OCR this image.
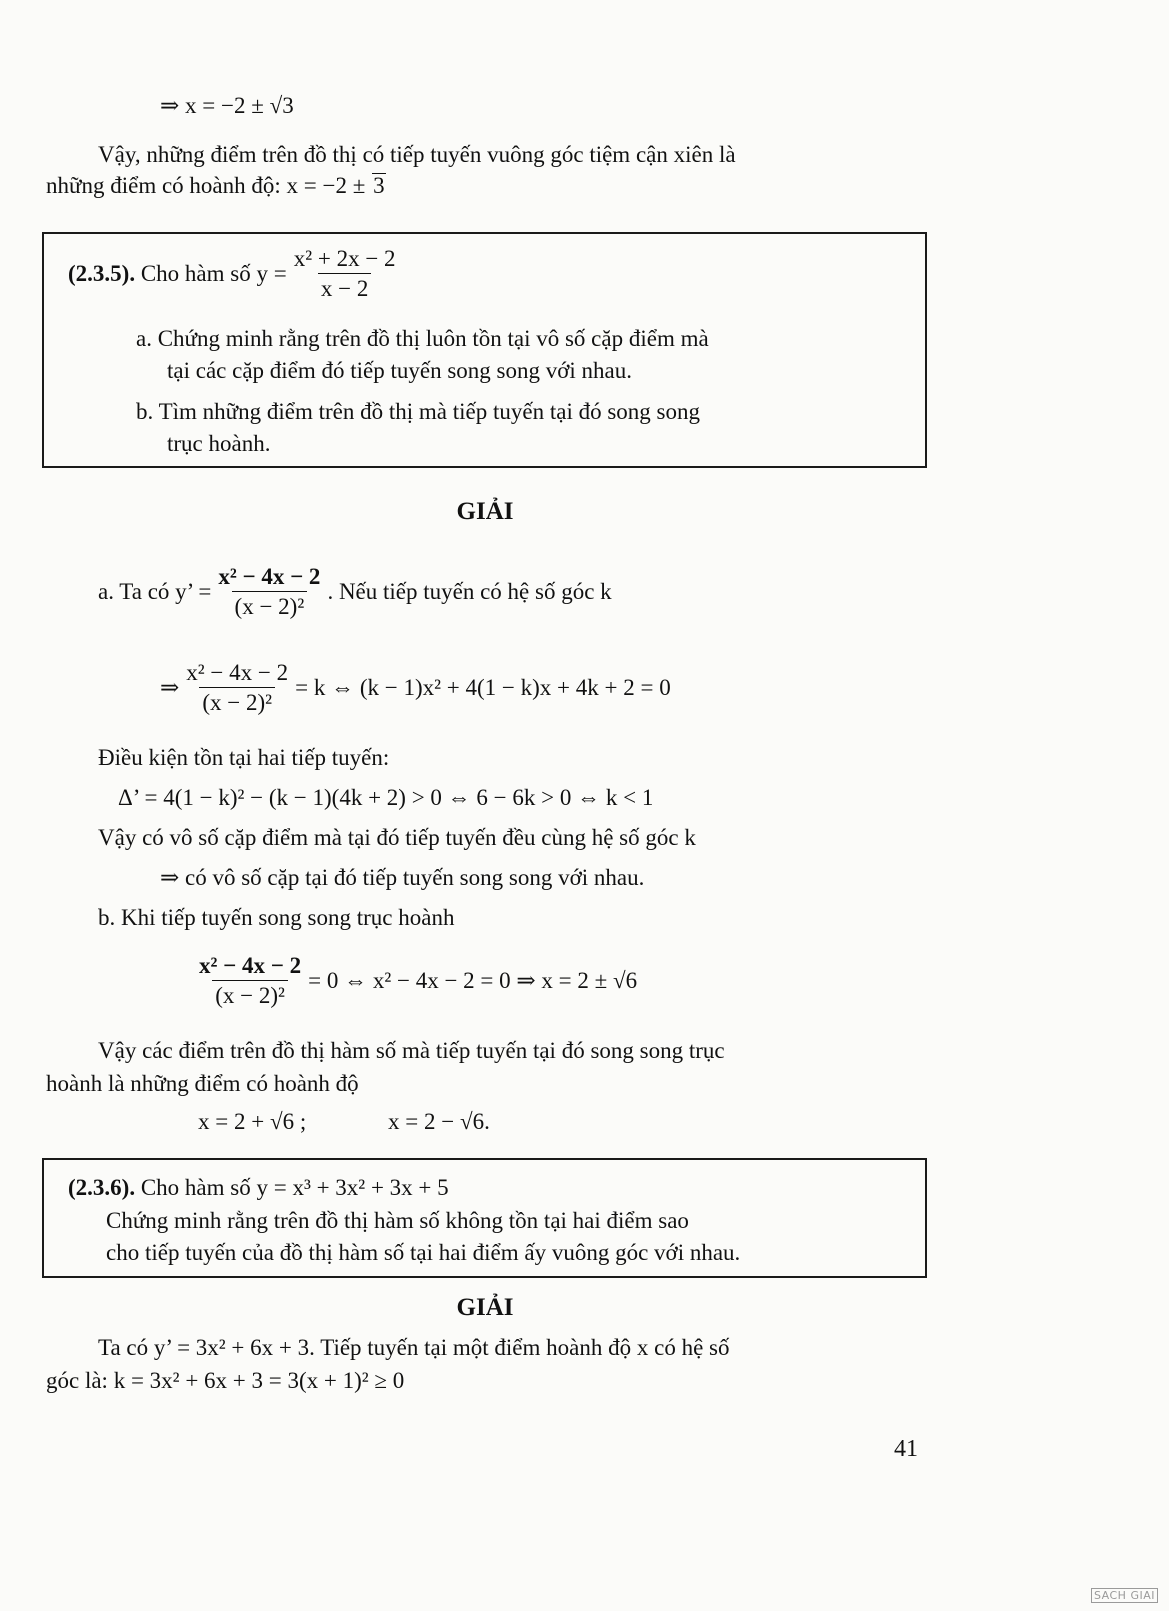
⇒ x = −2 ± √3
Vậy, những điểm trên đồ thị có tiếp tuyến vuông góc tiệm cận xiên là
những điểm có hoành độ: x = −2 ± 3
(2.3.5).
Cho hàm số $y = \frac{\text{x² + 2x − 2}}{x - 2}$
a. Chứng minh rằng trên đồ thị luôn tồn tại vô số cặp điểm mà
tại các cặp điểm đó tiếp tuyến song song với nhau.
b. Tìm những điểm trên đồ thị mà tiếp tuyến tại đó song song
trục hoành.
GIẢI
a. Ta có y’ = $\frac{\text{x² − 4x − 2}}{\text{(x − 2)²}}$ . Nếu tiếp tuyến có hệ số góc k
⇒ $\frac{\text{x² − 4x − 2}}{\text{(x − 2)²}} = k$ ⇔ (k − 1)x² + 4(1 − k)x + 4k + 2 = 0
Điều kiện tồn tại hai tiếp tuyến:
Δ’ = 4(1 − k)² − (k − 1)(4k + 2) > 0 ⇔ 6 − 6k > 0 ⇔ k < 1
Vậy có vô số cặp điểm mà tại đó tiếp tuyến đều cùng hệ số góc k
⇒ có vô số cặp tại đó tiếp tuyến song song với nhau.
b. Khi tiếp tuyến song song trục hoành
$\frac{\text{x² − 4x − 2}}{\text{(x − 2)²}} = 0$ ⇔ x² − 4x − 2 = 0 ⇒ x = 2 ± √6
Vậy các điểm trên đồ thị hàm số mà tiếp tuyến tại đó song song trục
hoành là những điểm có hoành độ
x = 2 + √6 ;	x = 2 − √6.
(2.3.6). Cho hàm số y = x³ + 3x² + 3x + 5
Chứng minh rằng trên đồ thị hàm số không tồn tại hai điểm sao
cho tiếp tuyến của đồ thị hàm số tại hai điểm ấy vuông góc với nhau.
GIẢI
Ta có y’ = 3x² + 6x + 3. Tiếp tuyến tại một điểm hoành độ x có hệ số
góc là: k = 3x² + 6x + 3 = 3(x + 1)² ≥ 0
41
SACH GIAI
